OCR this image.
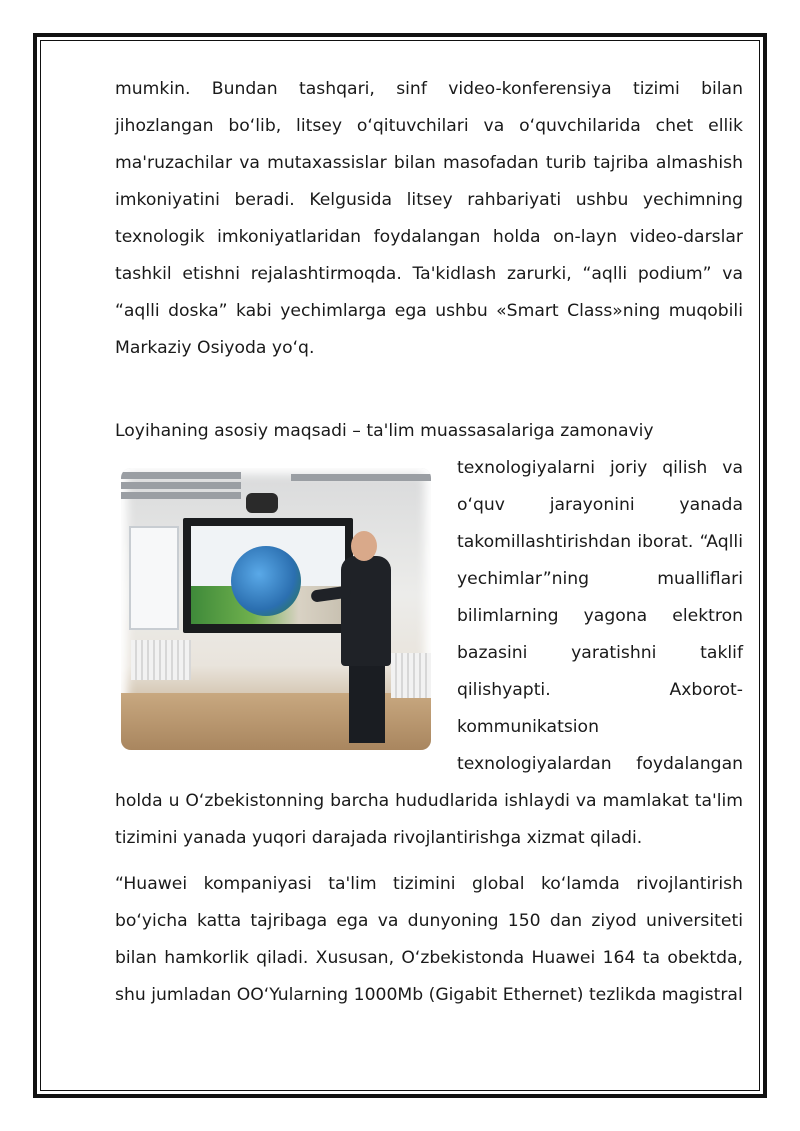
mumkin. Bundan tashqari, sinf video-konferensiya tizimi bilan jihozlangan bo‘lib, litsey o‘qituvchilari va o‘quvchilarida chet ellik ma'ruzachilar va mutaxassislar bilan masofadan turib tajriba almashish imkoniyatini beradi. Kelgusida litsey rahbariyati ushbu yechimning texnologik imkoniyatlaridan foydalangan holda on-layn video-darslar tashkil etishni rejalashtirmoqda. Ta'kidlash zarurki, “aqlli podium” va “aqlli doska” kabi yechimlarga ega ushbu «Smart Class»ning muqobili Markaziy Osiyoda yo‘q.

Loyihaning asosiy maqsadi – ta'lim muassasalariga zamonaviy

texnologiyalarni joriy qilish va o‘quv jarayonini yanada takomillashtirishdan iborat. “Aqlli yechimlar”ning mualliflari bilimlarning yagona elektron bazasini yaratishni taklif qilishyapti. Axborot-kommunikatsion texnologiyalardan foydalangan holda u O‘zbekistonning barcha hududlarida ishlaydi va mamlakat ta'lim tizimini yanada yuqori darajada rivojlantirishga xizmat qiladi.

“Huawei kompaniyasi ta'lim tizimini global ko‘lamda rivojlantirish bo‘yicha katta tajribaga ega va dunyoning 150 dan ziyod universiteti bilan hamkorlik qiladi. Xususan, O‘zbekistonda Huawei 164 ta obektda, shu jumladan OO‘Yularning 1000Mb (Gigabit Ethernet) tezlikda magistral
